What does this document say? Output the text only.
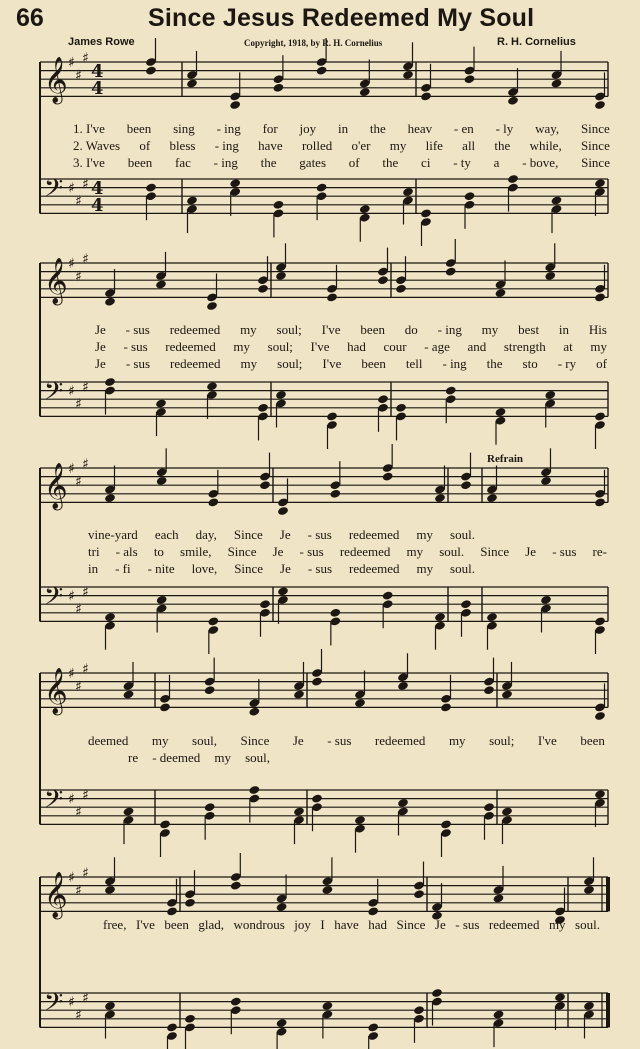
66	Since Jesus Redeemed My Soul
James Rowe	Copyright, 1918, by R. H. Cornelius	R. H. Cornelius
Refrain
𝄞 ♯
♯
♯
4
4
𝄢 ♯
♯
♯ 4
4
1. I've been sing - ing for joy in the heav - en - ly way, Since
2. Waves of bless - ing have rolled o'er my life all the while, Since
3. I've been fac - ing the gates of the ci - ty a - bove, Since
𝄞 ♯
♯
♯
𝄢 ♯
♯
♯
Je - sus redeemed my soul; I've been do - ing my best in His
Je - sus redeemed my soul; I've had cour - age and strength at my
Je - sus redeemed my soul; I've been tell - ing the sto - ry of
𝄞 ♯
♯
♯
𝄢 ♯
♯
♯
vine-yard each day, Since Je - sus redeemed my soul.
tri - als to smile, Since Je - sus redeemed my soul. Since Je - sus re-
in - fi - nite love, Since Je - sus redeemed my soul.
𝄞 ♯
♯
♯
𝄢 ♯
♯
♯
deemed my soul, Since Je - sus redeemed my soul; I've been
re - deemed my soul,
𝄞 ♯
♯
♯
𝄢 ♯
♯
♯
free, I've been glad, wondrous joy I have had Since Je - sus redeemed my soul.
